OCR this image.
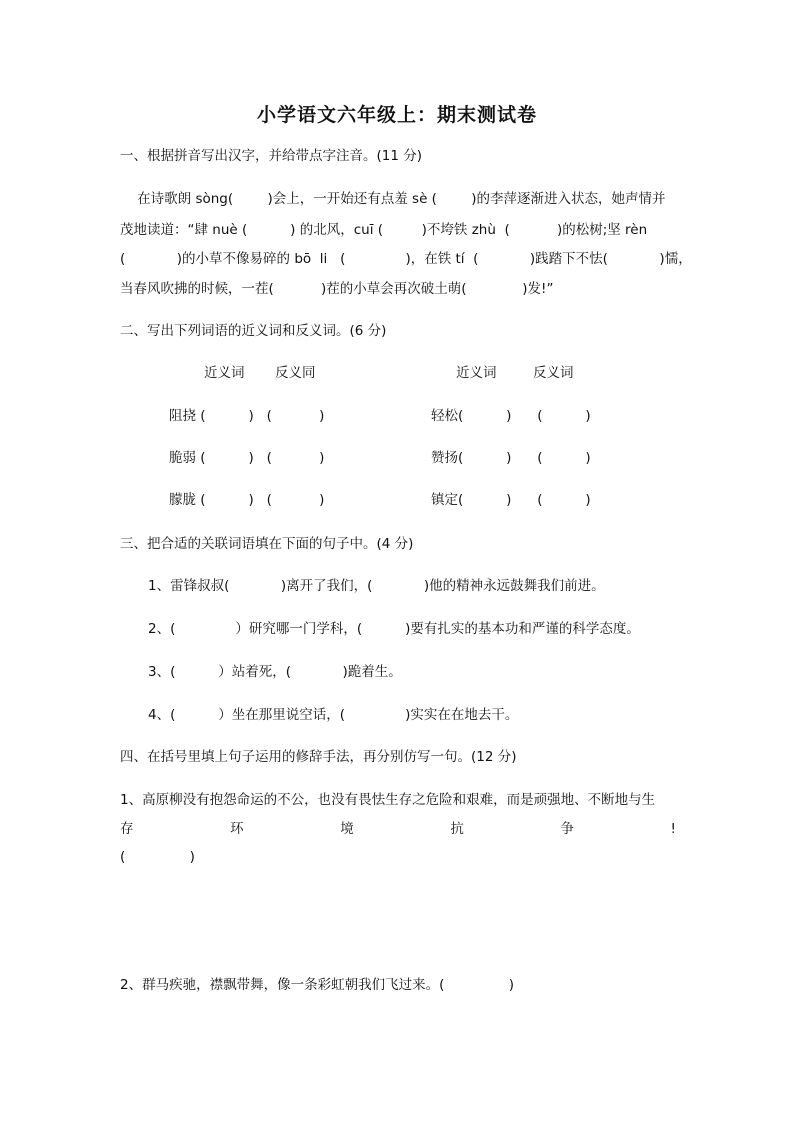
小学语文六年级上：期末测试卷
一、根据拼音写出汉字，并给带点字注音。(11 分)
在诗歌朗 sòng(        )会上，一开始还有点羞 sè (        )的李萍逐渐进入状态，她声情并
茂地读道：“肆 nuè (          ) 的北风，cuī (         )不垮铁 zhù  (           )的松树;坚 rèn
(            )的小草不像易碎的 bō  li   (              )，在铁 tí  (            )践踏下不怯(            )懦，
当春风吹拂的时候，一茬(           )茬的小草会再次破土萌(             )发!”
二、写出下列词语的近义词和反义词。(6 分)
近义词 反义同	近义词	反义词
阻挠 (          )   (           )	轻松(          )      (          )
脆弱 (          )   (           )	赞扬(          )      (          )
朦胧 (          )   (           )	镇定(          )      (          )
三、把合适的关联词语填在下面的句子中。(4 分)
1、雷锋叔叔(            )离开了我们，(            )他的精神永远鼓舞我们前进。
2、(              ）研究哪一门学科，(          )要有扎实的基本功和严谨的科学态度。
3、(          ）站着死，(            )跪着生。
4、(          ）坐在那里说空话，(              )实实在在地去干。
四、在括号里填上句子运用的修辞手法，再分别仿写一句。(12 分)
1、高原柳没有抱怨命运的不公，也没有畏怯生存之危险和艰难，而是顽强地、不断地与生
存	环	境	抗	争	!
(               )
2、群马疾驰，襟飘带舞，像一条彩虹朝我们飞过来。(               )
